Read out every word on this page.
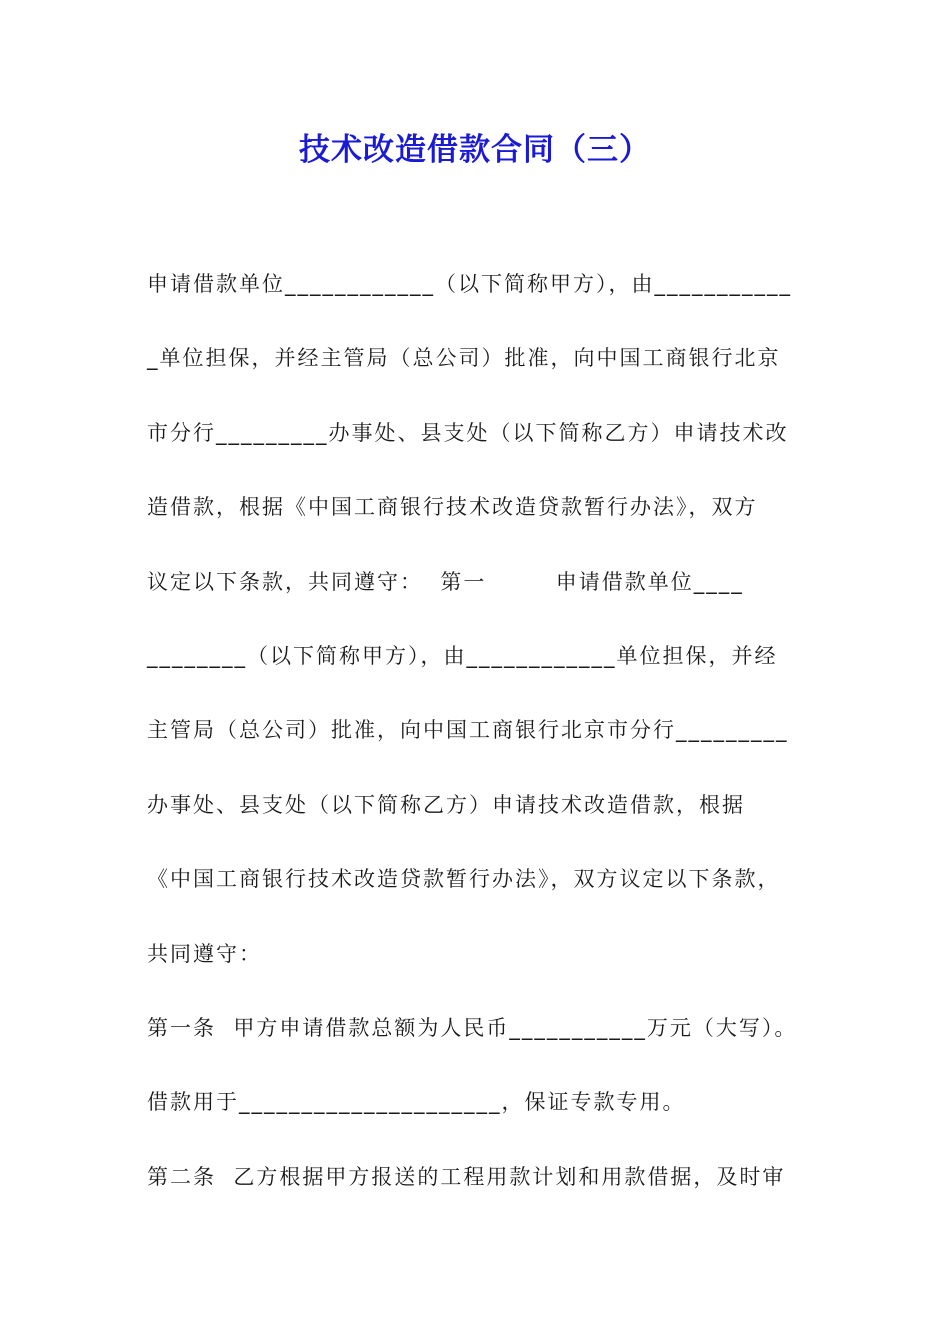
技术改造借款合同（三）
申请借款单位____________（以下简称甲方），由___________
_单位担保，并经主管局（总公司）批准，向中国工商银行北京
市分行_________办事处、县支处（以下简称乙方）申请技术改
造借款，根据《中国工商银行技术改造贷款暂行办法》，双方
议定以下条款，共同遵守：  第一        申请借款单位____
________（以下简称甲方），由____________单位担保，并经
主管局（总公司）批准，向中国工商银行北京市分行_________
办事处、县支处（以下简称乙方）申请技术改造借款，根据
《中国工商银行技术改造贷款暂行办法》，双方议定以下条款，
共同遵守：
第一条  甲方申请借款总额为人民币___________万元（大写）。
借款用于_____________________，保证专款专用。
第二条  乙方根据甲方报送的工程用款计划和用款借据，及时审
